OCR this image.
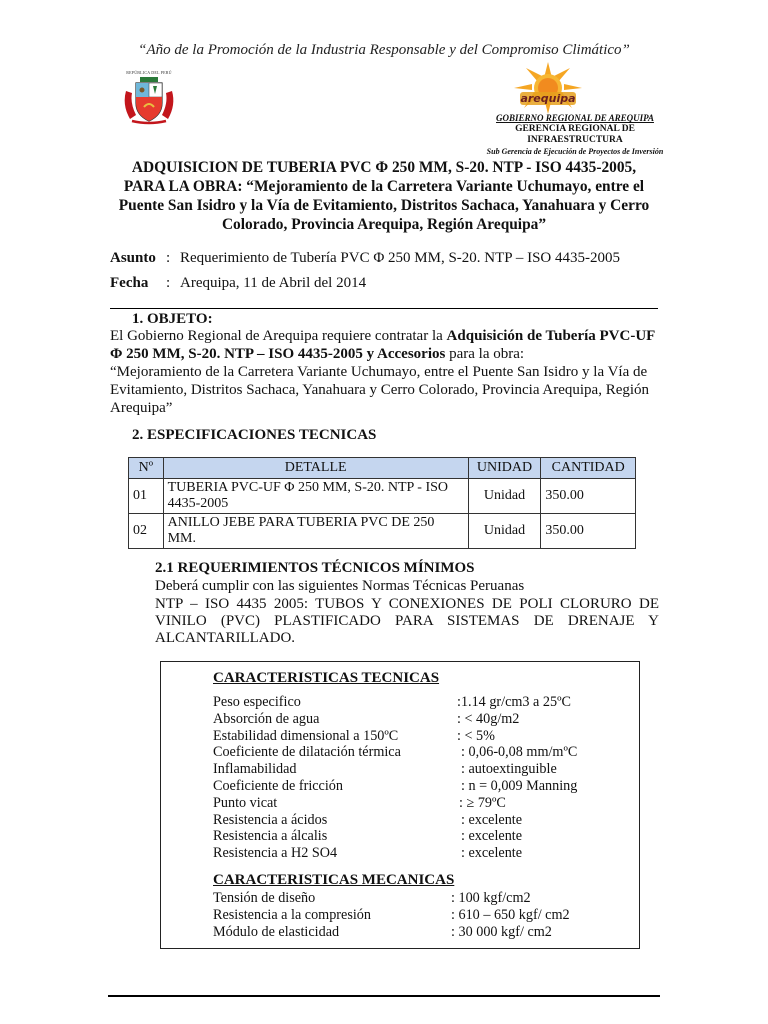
“Año de la Promoción de la Industria Responsable y del Compromiso Climático”
REPÚBLICA DEL PERÚ
arequipa
GOBIERNO REGIONAL DE AREQUIPA
GERENCIA REGIONAL DE INFRAESTRUCTURA
Sub Gerencia de Ejecución de Proyectos de Inversión
ADQUISICION DE TUBERIA PVC Φ 250 MM, S-20. NTP - ISO 4435-2005,
PARA LA OBRA: “Mejoramiento de la Carretera Variante Uchumayo, entre el
Puente San Isidro y la Vía de Evitamiento, Distritos Sachaca, Yanahuara y Cerro
Colorado, Provincia Arequipa, Región Arequipa”
Asunto : Requerimiento de Tubería PVC Φ 250 MM, S-20. NTP – ISO 4435-2005
Fecha : Arequipa, 11 de Abril del 2014
1. OBJETO:
El Gobierno Regional de Arequipa requiere contratar la Adquisición de Tubería PVC-UF Φ 250 MM, S-20. NTP – ISO 4435-2005 y Accesorios para la obra:
“Mejoramiento de la Carretera Variante Uchumayo, entre el Puente San Isidro y la Vía de Evitamiento, Distritos Sachaca, Yanahuara y Cerro Colorado, Provincia Arequipa, Región Arequipa”
2. ESPECIFICACIONES TECNICAS
Nº	DETALLE	UNIDAD	CANTIDAD
01	TUBERIA PVC-UF Φ 250 MM, S-20. NTP - ISO 4435-2005	Unidad	350.00
02	ANILLO JEBE PARA TUBERIA PVC DE 250 MM.	Unidad	350.00
2.1 REQUERIMIENTOS TÉCNICOS MÍNIMOS
Deberá cumplir con las siguientes Normas Técnicas Peruanas
NTP – ISO 4435 2005: TUBOS Y CONEXIONES DE POLI CLORURO DE VINILO (PVC) PLASTIFICADO PARA SISTEMAS DE DRENAJE Y ALCANTARILLADO.
CARACTERISTICAS TECNICAS
Peso especifico	:1.14 gr/cm3 a 25ºC
Absorción de agua	: < 40g/m2
Estabilidad dimensional a 150ºC	: < 5%
Coeficiente de dilatación térmica	: 0,06-0,08 mm/mºC
Inflamabilidad	: autoextinguible
Coeficiente de fricción	: n = 0,009 Manning
Punto vicat	: ≥ 79ºC
Resistencia a ácidos	: excelente
Resistencia a álcalis	: excelente
Resistencia a H2 SO4	: excelente
CARACTERISTICAS MECANICAS
Tensión de diseño	: 100 kgf/cm2
Resistencia a la compresión	: 610 – 650 kgf/ cm2
Módulo de elasticidad	: 30 000 kgf/ cm2
